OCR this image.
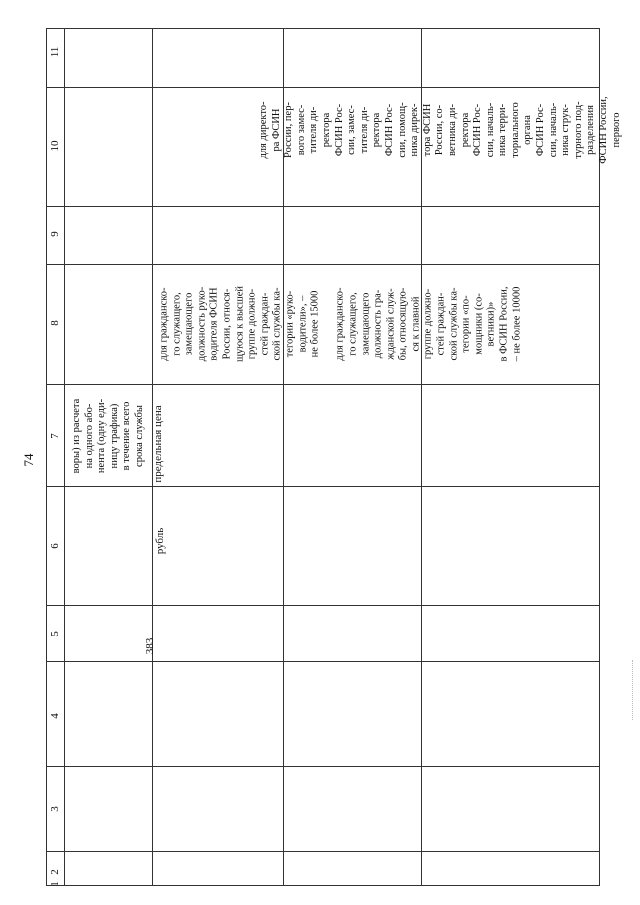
74
11
10
9
8
7
6
5
4
3
2
1
воры) из расчета
на одного або-
нента (одну еди-
ницу трафика)
в течение всего
срока службы
383
рубль
предельная цена
для гражданско-
го служащего,
замещающего
должность руко-
водителя ФСИН
России, относя-
щуюся к высшей
группе должно-
стей граждан-
ской службы ка-
тегории «руко-
водители», –
не более 15000

для гражданско-
го служащего,
замещающего
должность гра-
жданской служ-
бы, относящую-
ся к главной
группе должно-
стей граждан-
ской службы ка-
тегории «по-
мощники (со-
ветники)»
в ФСИН России,
– не более 10000
для директо-
ра ФСИН
России, пер-
вого замес-
тителя ди-
ректора
ФСИН Рос-
сии, замес-
тителя ди-
ректора
ФСИН Рос-
сии, помощ-
ника дирек-
тора ФСИН
России, со-
ветника ди-
ректора
ФСИН Рос-
сии, началь-
ника терри-
ториального
органа
ФСИН Рос-
сии, началь-
ника струк-
турного под-
разделения
ФСИН России,
первого
